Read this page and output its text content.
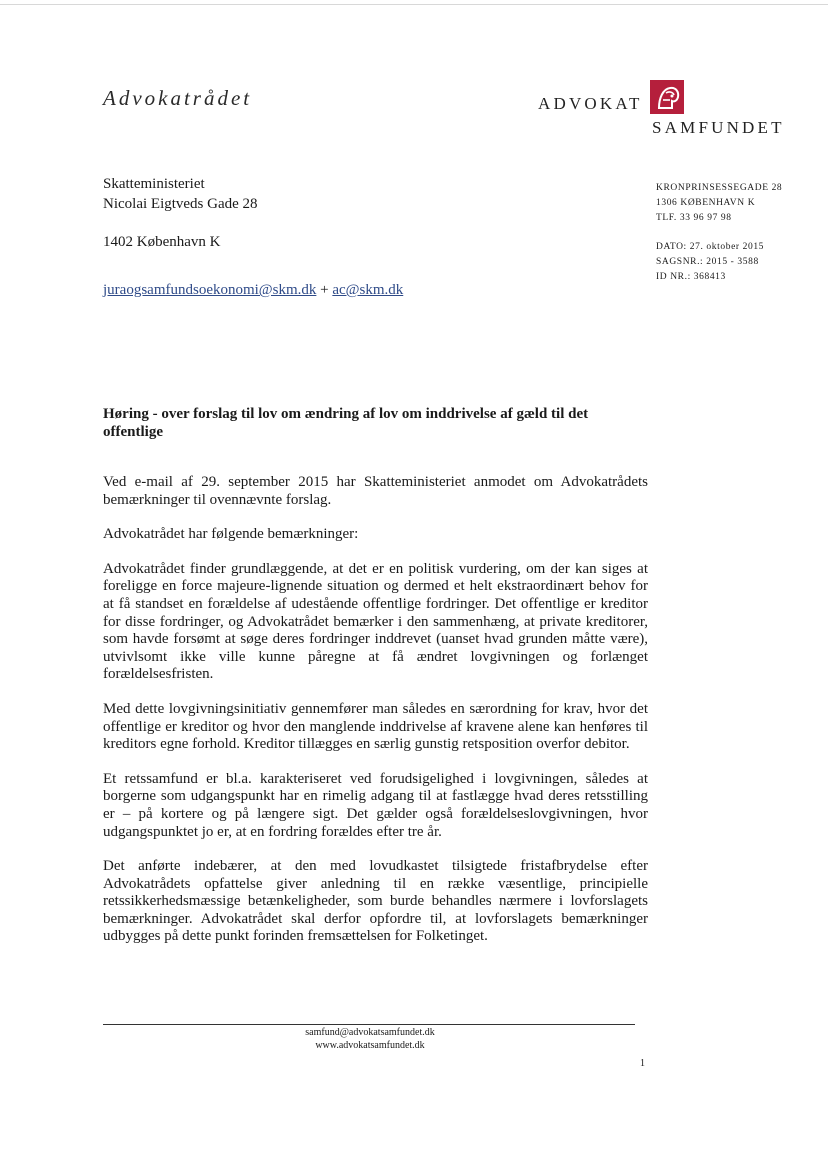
Advokatrådet	ADVOKAT
SAMFUNDET
Skatteministeriet
Nicolai Eigtveds Gade 28
1402 København K
juraogsamfundsoekonomi@skm.dk + ac@skm.dk
KRONPRINSESSEGADE 28
1306 KØBENHAVN K
TLF. 33 96 97 98
DATO: 27. oktober 2015
SAGSNR.: 2015 - 3588
ID NR.: 368413
Høring - over forslag til lov om ændring af lov om inddrivelse af gæld til det offentlige

Ved e-mail af 29. september 2015 har Skatteministeriet anmodet om Advokatrådets bemærkninger til ovennævnte forslag.

Advokatrådet har følgende bemærkninger:

Advokatrådet finder grundlæggende, at det er en politisk vurdering, om der kan siges at foreligge en force majeure-lignende situation og dermed et helt ekstraordinært behov for at få standset en forældelse af udestående offentlige fordringer. Det offentlige er kreditor for disse fordringer, og Advokatrådet bemærker i den sammenhæng, at private kreditorer, som havde forsømt at søge deres fordringer inddrevet (uanset hvad grunden måtte være), utvivlsomt ikke ville kunne påregne at få ændret lovgivningen og forlænget forældelsesfristen.

Med dette lovgivningsinitiativ gennemfører man således en særordning for krav, hvor det offentlige er kreditor og hvor den manglende inddrivelse af kravene alene kan henføres til kreditors egne forhold. Kreditor tillægges en særlig gunstig retsposition overfor debitor.

Et retssamfund er bl.a. karakteriseret ved forudsigelighed i lovgivningen, således at borgerne som udgangspunkt har en rimelig adgang til at fastlægge hvad deres retsstilling er – på kortere og på længere sigt. Det gælder også forældelseslovgivningen, hvor udgangspunktet jo er, at en fordring forældes efter tre år.

Det anførte indebærer, at den med lovudkastet tilsigtede fristafbrydelse efter Advokatrådets opfattelse giver anledning til en række væsentlige, principielle retssikkerhedsmæssige betænkeligheder, som burde behandles nærmere i lovforslagets bemærkninger. Advokatrådet skal derfor opfordre til, at lovforslagets bemærkninger udbygges på dette punkt forinden fremsættelsen for Folketinget.

samfund@advokatsamfundet.dk
www.advokatsamfundet.dk
1
